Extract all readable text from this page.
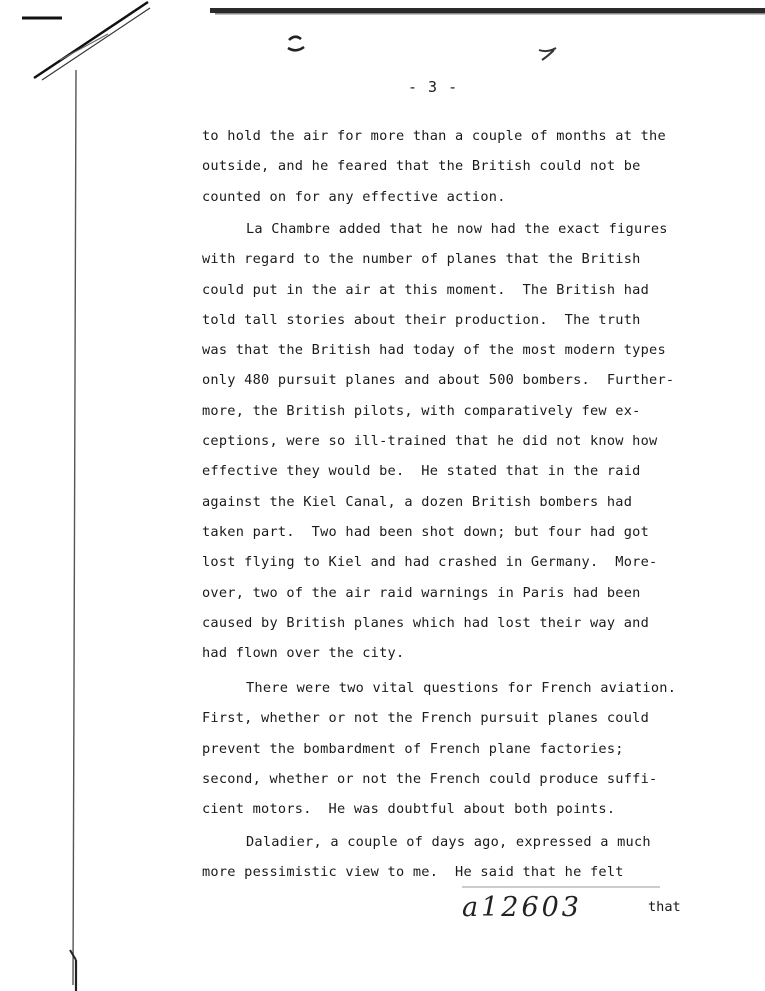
- 3 -
to hold the air for more than a couple of months at the
outside, and he feared that the British could not be
counted on for any effective action.
La Chambre added that he now had the exact figures
with regard to the number of planes that the British
could put in the air at this moment.  The British had
told tall stories about their production.  The truth
was that the British had today of the most modern types
only 480 pursuit planes and about 500 bombers.  Further-
more, the British pilots, with comparatively few ex-
ceptions, were so ill-trained that he did not know how
effective they would be.  He stated that in the raid
against the Kiel Canal, a dozen British bombers had
taken part.  Two had been shot down; but four had got
lost flying to Kiel and had crashed in Germany.  More-
over, two of the air raid warnings in Paris had been
caused by British planes which had lost their way and
had flown over the city.
There were two vital questions for French aviation.
First, whether or not the French pursuit planes could
prevent the bombardment of French plane factories;
second, whether or not the French could produce suffi-
cient motors.  He was doubtful about both points.
Daladier, a couple of days ago, expressed a much
more pessimistic view to me.  He said that he felt
a12603	that
